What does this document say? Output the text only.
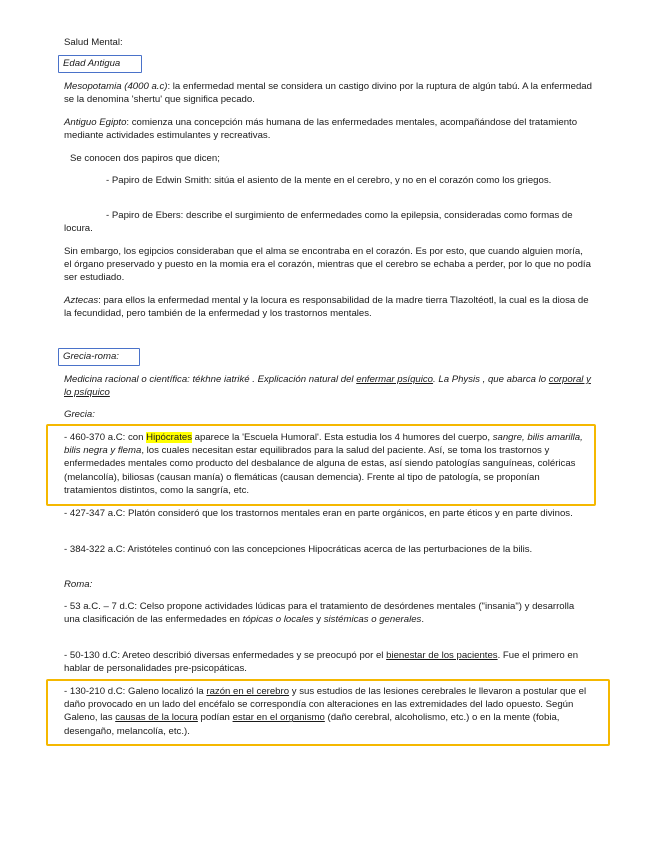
Salud Mental:

Edad Antigua

Mesopotamia (4000 a.c): la enfermedad mental se considera un castigo divino por la ruptura de algún tabú. A la enfermedad se la denomina 'shertu' que significa pecado.

Antiguo Egipto: comienza una concepción más humana de las enfermedades mentales, acompañándose del tratamiento mediante actividades estimulantes y recreativas.

Se conocen dos papiros que dicen;

- Papiro de Edwin Smith: sitúa el asiento de la mente en el cerebro, y no en el corazón como los griegos.

- Papiro de Ebers: describe el surgimiento de enfermedades como la epilepsia, consideradas como formas de locura.

Sin embargo, los egipcios consideraban que el alma se encontraba en el corazón. Es por esto, que cuando alguien moría, el órgano preservado y puesto en la momia era el corazón, mientras que el cerebro se echaba a perder, por lo que no podía ser estudiado.

Aztecas: para ellos la enfermedad mental y la locura es responsabilidad de la madre tierra Tlazoltéotl, la cual es la diosa de la fecundidad, pero también de la enfermedad y los trastornos mentales.

Grecia-roma:

Medicina racional o científica: tékhne iatriké . Explicación natural del enfermar psíquico. La Physis , que abarca lo corporal y lo psíquico

Grecia:

- 460-370 a.C: con Hipócrates aparece la 'Escuela Humoral'. Esta estudia los 4 humores del cuerpo, sangre, bilis amarilla, bilis negra y flema, los cuales necesitan estar equilibrados para la salud del paciente. Así, se toma los trastornos y enfermedades mentales como producto del desbalance de alguna de estas, así siendo patologías sanguíneas, coléricas (melancolía), biliosas (causan manía) o flemáticas (causan demencia). Frente al tipo de patología, se proponían tratamientos distintos, como la sangría, etc.

- 427-347 a.C: Platón consideró que los trastornos mentales eran en parte orgánicos, en parte éticos y en parte divinos.

- 384-322 a.C: Aristóteles continuó con las concepciones Hipocráticas acerca de las perturbaciones de la bilis.

Roma:

- 53 a.C. – 7 d.C: Celso propone actividades lúdicas para el tratamiento de desórdenes mentales ("insania") y desarrolla una clasificación de las enfermedades en tópicas o locales y sistémicas o generales.

- 50-130 d.C: Areteo describió diversas enfermedades y se preocupó por el bienestar de los pacientes. Fue el primero en hablar de personalidades pre-psicopáticas.

- 130-210 d.C: Galeno localizó la razón en el cerebro y sus estudios de las lesiones cerebrales le llevaron a postular que el daño provocado en un lado del encéfalo se correspondía con alteraciones en las extremidades del lado opuesto. Según Galeno, las causas de la locura podían estar en el organismo (daño cerebral, alcoholismo, etc.) o en la mente (fobia, desengaño, melancolía, etc.).
